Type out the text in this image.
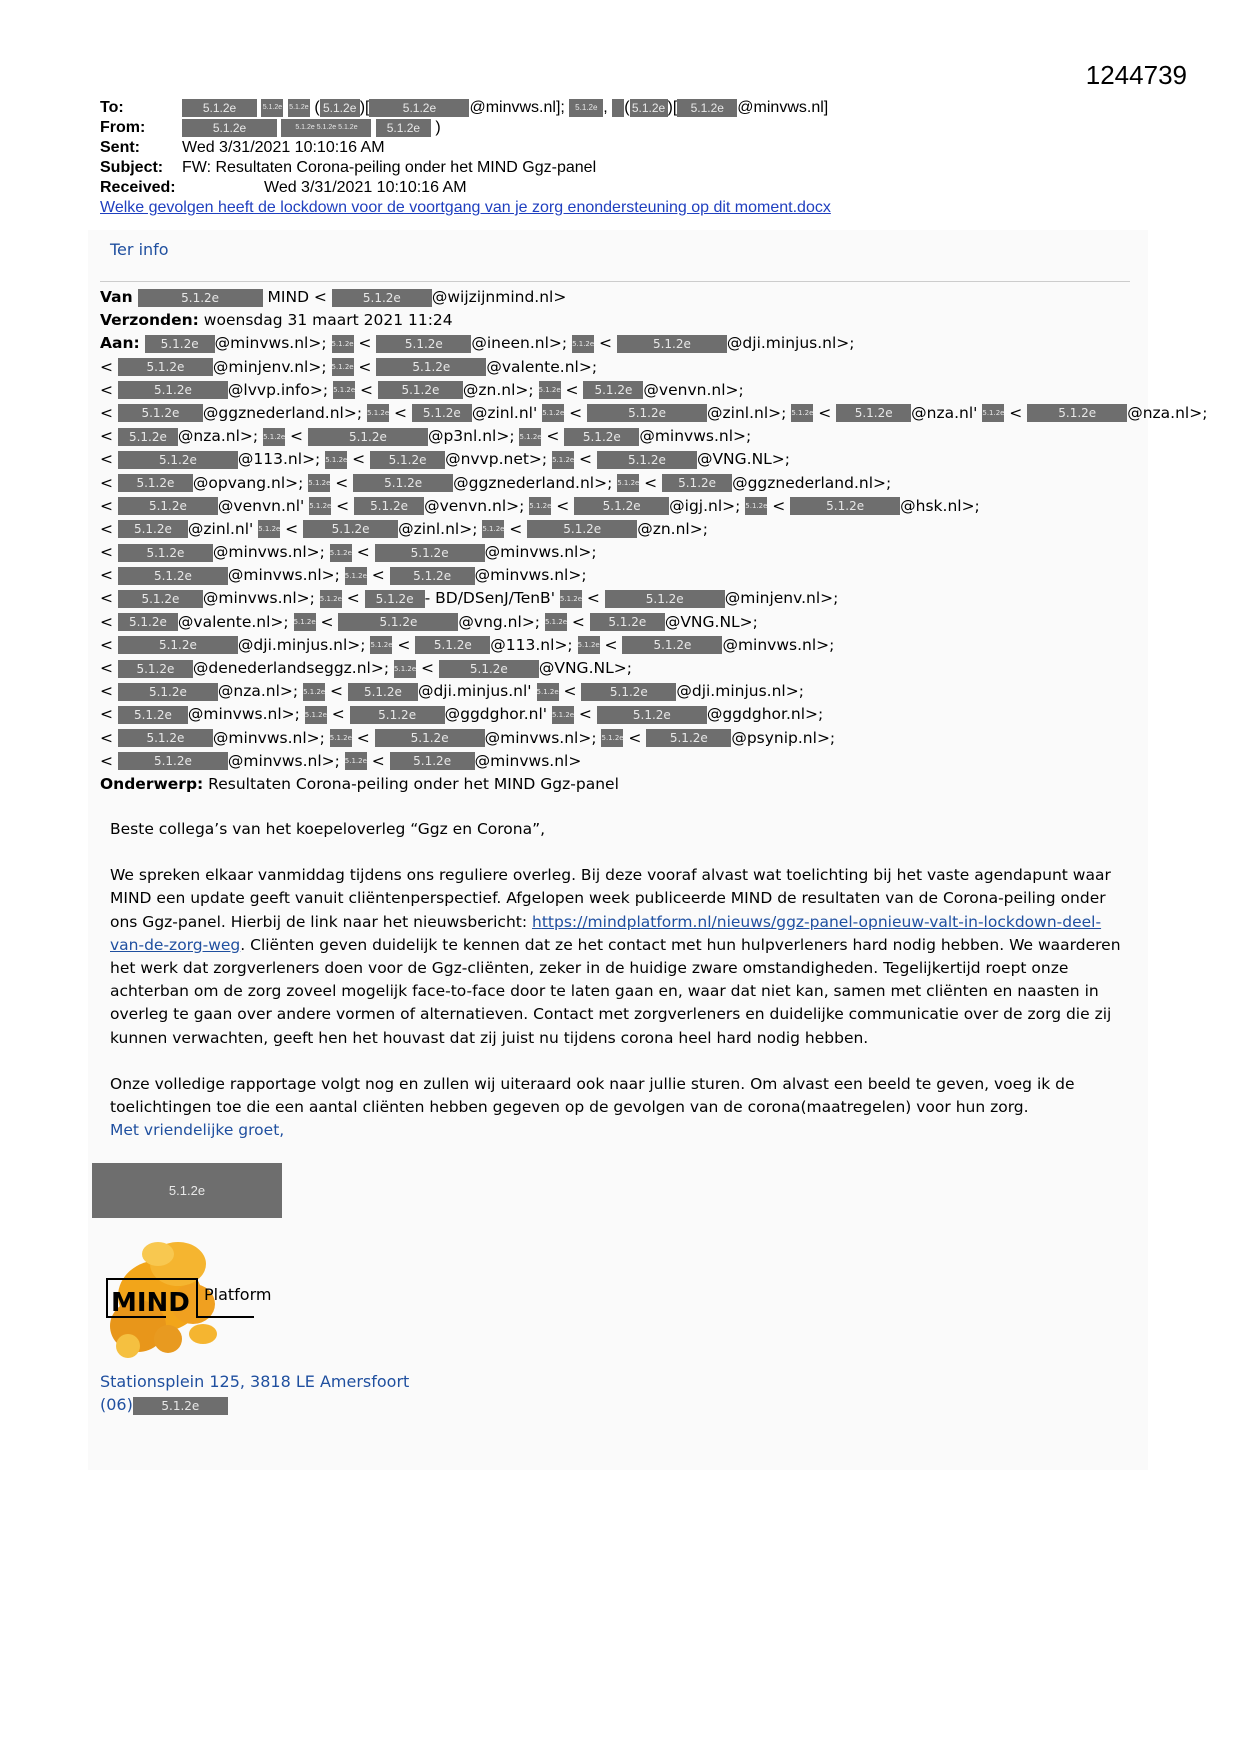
1244739
To:	5.1.2e	5.1.2e 5.1.2e ( 5.1.2e )[	5.1.2e @minvws.nl]; 5.1.2e , ( 5.1.2e )[ 5.1.2e @minvws.nl]
From:	5.1.2e	5.1.2e 5.1.2e 5.1.2e 5.1.2e )
Sent:	Wed 3/31/2021 10:10:16 AM
Subject:	FW: Resultaten Corona-peiling onder het MIND Ggz-panel
Received:	Wed 3/31/2021 10:10:16 AM
Welke gevolgen heeft de lockdown voor de voortgang van je zorg enondersteuning op dit moment.docx
Ter info
Van	5.1.2e	MIND <	5.1.2e @wijzijnmind.nl>
Verzonden: woensdag 31 maart 2021 11:24
Aan: 5.1.2e @minvws.nl>; 5.1.2e < 5.1.2e @ineen.nl>; 5.1.2e <	5.1.2e @dji.minjus.nl>;
< 5.1.2e @minjenv.nl>; 5.1.2e <	5.1.2e @valente.nl>;
<	5.1.2e @lvvp.info>; 5.1.2e < 5.1.2e @zn.nl>; 5.1.2e < 5.1.2e @venvn.nl>;
< 5.1.2e @ggznederland.nl>; 5.1.2e < 5.1.2e @zinl.nl' 5.1.2e <	5.1.2e	@zinl.nl>; 5.1.2e < 5.1.2e @nza.nl' 5.1.2e <	5.1.2e @nza.nl>;
< 5.1.2e @nza.nl>; 5.1.2e <	5.1.2e	@p3nl.nl>; 5.1.2e < 5.1.2e @minvws.nl>;
<	5.1.2e	@113.nl>; 5.1.2e < 5.1.2e @nvvp.net>; 5.1.2e <	5.1.2e @VNG.NL>;
< 5.1.2e @opvang.nl>; 5.1.2e <	5.1.2e @ggznederland.nl>; 5.1.2e < 5.1.2e @ggznederland.nl>;
<	5.1.2e @venvn.nl' 5.1.2e < 5.1.2e @venvn.nl>; 5.1.2e < 5.1.2e @igj.nl>; 5.1.2e <	5.1.2e @hsk.nl>;
< 5.1.2e @zinl.nl' 5.1.2e < 5.1.2e @zinl.nl>; 5.1.2e <	5.1.2e @zn.nl>;
< 5.1.2e @minvws.nl>; 5.1.2e <	5.1.2e @minvws.nl>;
<	5.1.2e @minvws.nl>; 5.1.2e < 5.1.2e @minvws.nl>;
< 5.1.2e @minvws.nl>; 5.1.2e < 5.1.2e - BD/DSenJ/TenB' 5.1.2e <	5.1.2e	@minjenv.nl>;
< 5.1.2e @valente.nl>; 5.1.2e <	5.1.2e	@vng.nl>; 5.1.2e < 5.1.2e @VNG.NL>;
<	5.1.2e	@dji.minjus.nl>; 5.1.2e < 5.1.2e @113.nl>; 5.1.2e <	5.1.2e @minvws.nl>;
< 5.1.2e @denederlandseggz.nl>; 5.1.2e <	5.1.2e @VNG.NL>;
<	5.1.2e @nza.nl>; 5.1.2e < 5.1.2e @dji.minjus.nl' 5.1.2e < 5.1.2e @dji.minjus.nl>;
< 5.1.2e @minvws.nl>; 5.1.2e < 5.1.2e @ggdghor.nl' 5.1.2e <	5.1.2e @ggdghor.nl>;
< 5.1.2e @minvws.nl>; 5.1.2e <	5.1.2e @minvws.nl>; 5.1.2e < 5.1.2e @psynip.nl>;
<	5.1.2e @minvws.nl>; 5.1.2e < 5.1.2e @minvws.nl>
Onderwerp: Resultaten Corona-peiling onder het MIND Ggz-panel

Beste collega’s van het koepeloverleg “Ggz en Corona”,

We spreken elkaar vanmiddag tijdens ons reguliere overleg. Bij deze vooraf alvast wat toelichting bij het vaste agendapunt waar MIND een update geeft vanuit cliëntenperspectief. Afgelopen week publiceerde MIND de resultaten van de Corona-peiling onder ons Ggz-panel. Hierbij de link naar het nieuwsbericht: https://mindplatform.nl/nieuws/ggz-panel-opnieuw-valt-in-lockdown-deel-van-de-zorg-weg. Cliënten geven duidelijk te kennen dat ze het contact met hun hulpverleners hard nodig hebben. We waarderen het werk dat zorgverleners doen voor de Ggz-cliënten, zeker in de huidige zware omstandigheden. Tegelijkertijd roept onze achterban om de zorg zoveel mogelijk face-to-face door te laten gaan en, waar dat niet kan, samen met cliënten en naasten in overleg te gaan over andere vormen of alternatieven. Contact met zorgverleners en duidelijke communicatie over de zorg die zij kunnen verwachten, geeft hen het houvast dat zij juist nu tijdens corona heel hard nodig hebben.

Onze volledige rapportage volgt nog en zullen wij uiteraard ook naar jullie sturen. Om alvast een beeld te geven, voeg ik de toelichtingen toe die een aantal cliënten hebben gegeven op de gevolgen van de corona(maatregelen) voor hun zorg.

Met vriendelijke groet,
5.1.2e
MIND Platform
Stationsplein 125, 3818 LE Amersfoort
(06) 5.1.2e
